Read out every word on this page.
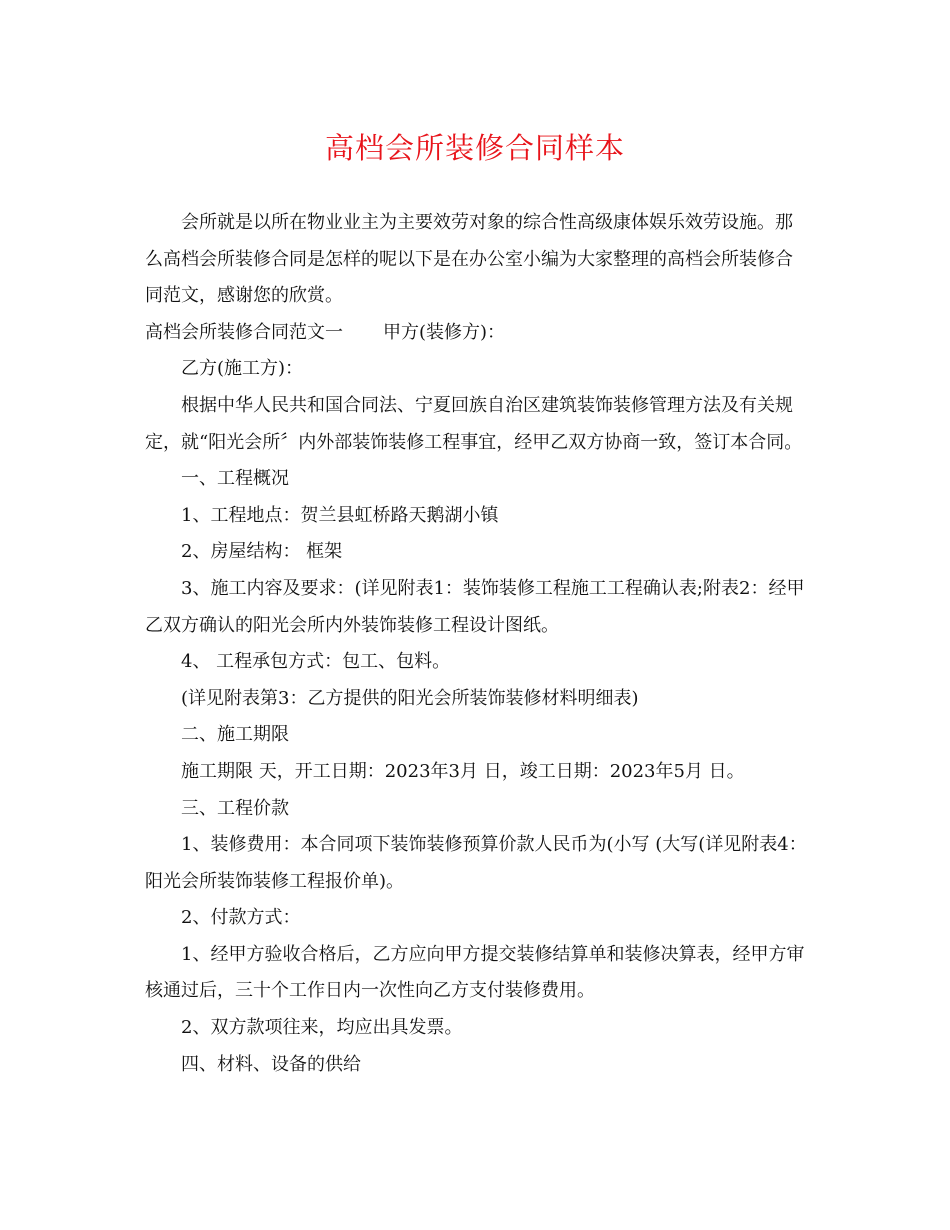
高档会所装修合同样本

会所就是以所在物业业主为主要效劳对象的综合性高级康体娱乐效劳设施。那么高档会所装修合同是怎样的呢以下是在办公室小编为大家整理的高档会所装修合同范文，感谢您的欣赏。

高档会所装修合同范文一 甲方(装修方)：

乙方(施工方)：

根据中华人民共和国合同法、宁夏回族自治区建筑装饰装修管理方法及有关规定，就“阳光会所〞内外部装饰装修工程事宜，经甲乙双方协商一致，签订本合同。

一、工程概况

1、工程地点：贺兰县虹桥路天鹅湖小镇

2、房屋结构： 框架

3、施工内容及要求：(详见附表1：装饰装修工程施工工程确认表;附表2：经甲乙双方确认的阳光会所内外装饰装修工程设计图纸。

4、 工程承包方式：包工、包料。

(详见附表第3：乙方提供的阳光会所装饰装修材料明细表)

二、施工期限

施工期限 天，开工日期：2023年3月 日，竣工日期：2023年5月 日。

三、工程价款

1、装修费用：本合同项下装饰装修预算价款人民币为(小写 (大写(详见附表4：阳光会所装饰装修工程报价单)。

2、付款方式：

1、经甲方验收合格后，乙方应向甲方提交装修结算单和装修决算表，经甲方审核通过后，三十个工作日内一次性向乙方支付装修费用。

2、双方款项往来，均应出具发票。

四、材料、设备的供给
